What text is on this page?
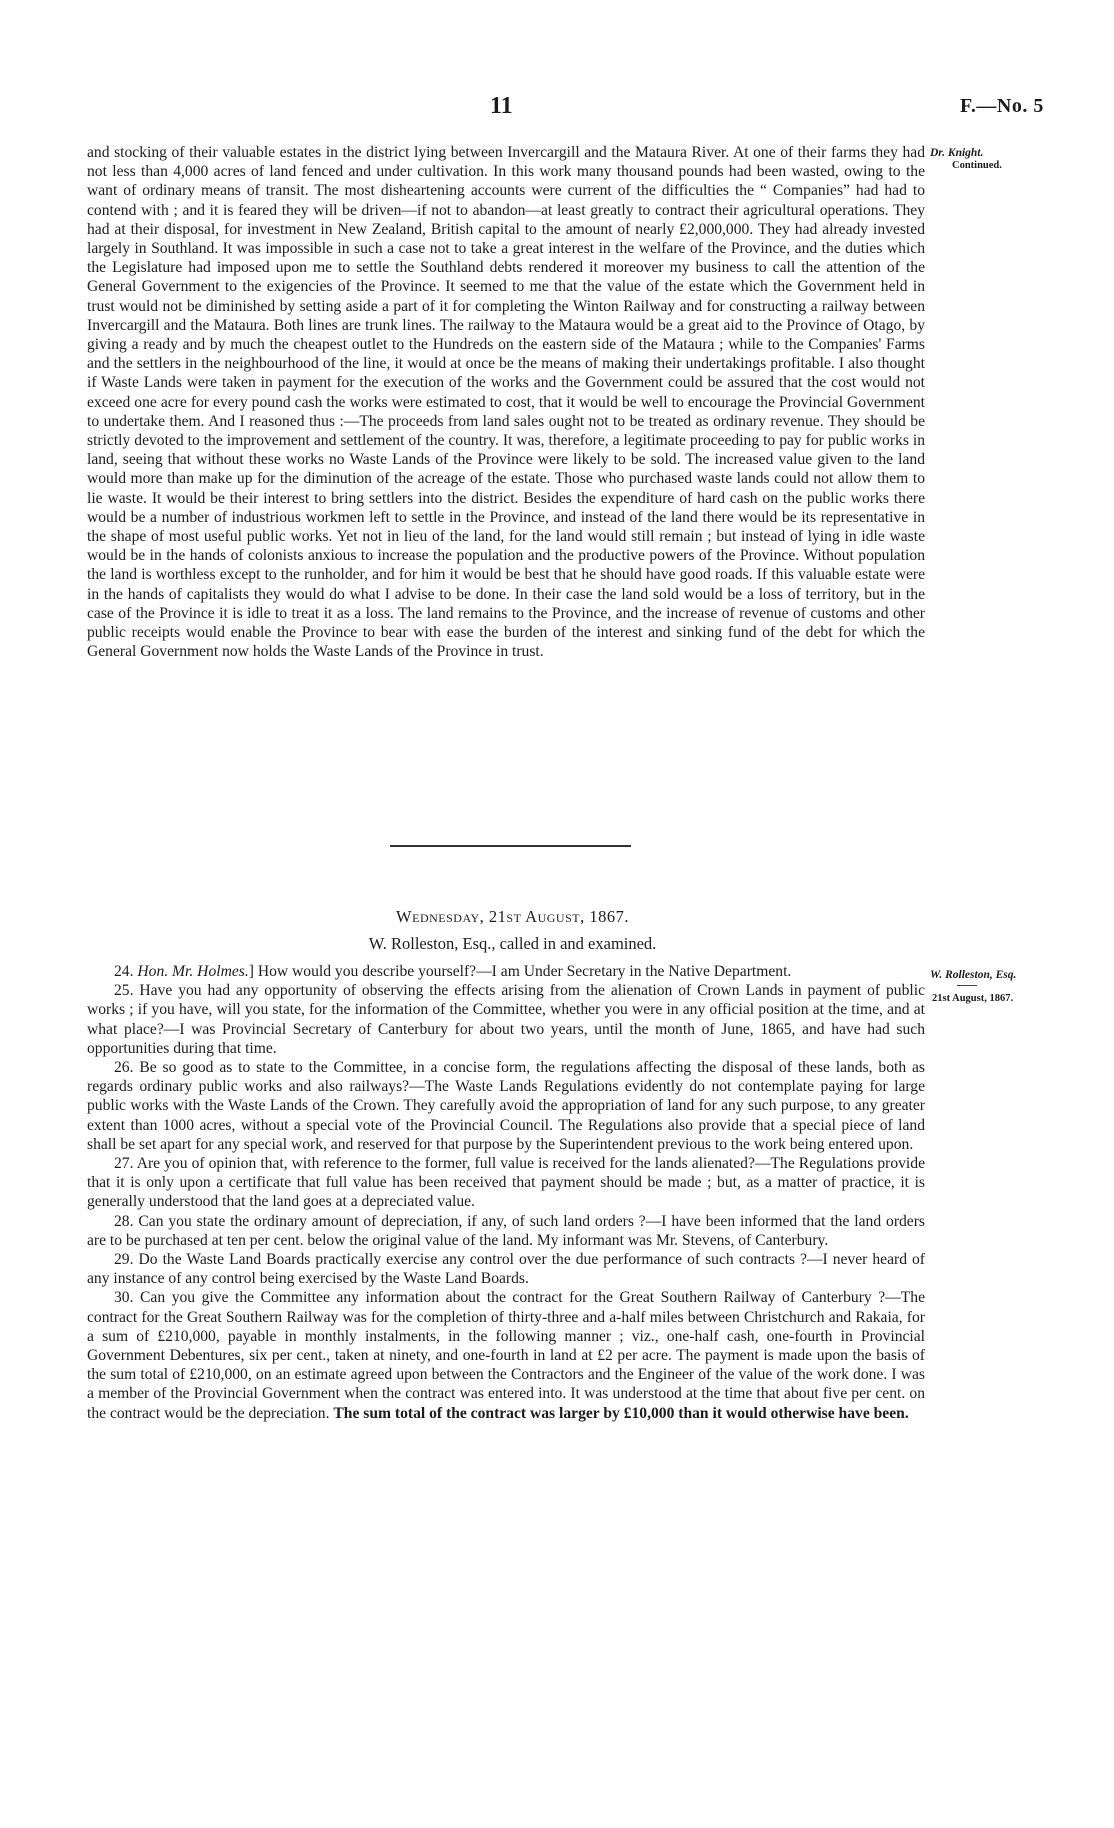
11	F.—No. 5
Dr. Knight.
Continued.
and stocking of their valuable estates in the district lying between Invercargill and the Mataura River. At one of their farms they had not less than 4,000 acres of land fenced and under cultivation. In this work many thousand pounds had been wasted, owing to the want of ordinary means of transit. The most disheartening accounts were current of the difficulties the “ Companies” had had to contend with ; and it is feared they will be driven—if not to abandon—at least greatly to contract their agricultural operations. They had at their disposal, for investment in New Zealand, British capital to the amount of nearly £2,000,000. They had already invested largely in Southland. It was impossible in such a case not to take a great interest in the welfare of the Province, and the duties which the Legislature had imposed upon me to settle the Southland debts rendered it moreover my business to call the attention of the General Government to the exigencies of the Province. It seemed to me that the value of the estate which the Government held in trust would not be diminished by setting aside a part of it for completing the Winton Railway and for constructing a railway between Invercargill and the Mataura. Both lines are trunk lines. The railway to the Mataura would be a great aid to the Province of Otago, by giving a ready and by much the cheapest outlet to the Hundreds on the eastern side of the Mataura ; while to the Companies' Farms and the settlers in the neighbourhood of the line, it would at once be the means of making their undertakings profitable. I also thought if Waste Lands were taken in payment for the execution of the works and the Government could be assured that the cost would not exceed one acre for every pound cash the works were estimated to cost, that it would be well to encourage the Provincial Government to undertake them. And I reasoned thus :—The proceeds from land sales ought not to be treated as ordinary revenue. They should be strictly devoted to the improvement and settlement of the country. It was, therefore, a legitimate proceeding to pay for public works in land, seeing that without these works no Waste Lands of the Province were likely to be sold. The increased value given to the land would more than make up for the diminution of the acreage of the estate. Those who purchased waste lands could not allow them to lie waste. It would be their interest to bring settlers into the district. Besides the expenditure of hard cash on the public works there would be a number of industrious workmen left to settle in the Province, and instead of the land there would be its representative in the shape of most useful public works. Yet not in lieu of the land, for the land would still remain ; but instead of lying in idle waste would be in the hands of colonists anxious to increase the population and the productive powers of the Province. Without population the land is worthless except to the runholder, and for him it would be best that he should have good roads. If this valuable estate were in the hands of capitalists they would do what I advise to be done. In their case the land sold would be a loss of territory, but in the case of the Province it is idle to treat it as a loss. The land remains to the Province, and the increase of revenue of customs and other public receipts would enable the Province to bear with ease the burden of the interest and sinking fund of the debt for which the General Government now holds the Waste Lands of the Province in trust.
Wednesday, 21st August, 1867.
W. Rolleston, Esq., called in and examined.
W. Rolleston, Esq.
21st August, 1867.

24. Hon. Mr. Holmes.] How would you describe yourself?—I am Under Secretary in the Native Department.

25. Have you had any opportunity of observing the effects arising from the alienation of Crown Lands in payment of public works ; if you have, will you state, for the information of the Committee, whether you were in any official position at the time, and at what place?—I was Provincial Secretary of Canterbury for about two years, until the month of June, 1865, and have had such opportunities during that time.

26. Be so good as to state to the Committee, in a concise form, the regulations affecting the disposal of these lands, both as regards ordinary public works and also railways?—The Waste Lands Regulations evidently do not contemplate paying for large public works with the Waste Lands of the Crown. They carefully avoid the appropriation of land for any such purpose, to any greater extent than 1000 acres, without a special vote of the Provincial Council. The Regulations also provide that a special piece of land shall be set apart for any special work, and reserved for that purpose by the Superintendent previous to the work being entered upon.

27. Are you of opinion that, with reference to the former, full value is received for the lands alienated?—The Regulations provide that it is only upon a certificate that full value has been received that payment should be made ; but, as a matter of practice, it is generally understood that the land goes at a depreciated value.

28. Can you state the ordinary amount of depreciation, if any, of such land orders ?—I have been informed that the land orders are to be purchased at ten per cent. below the original value of the land. My informant was Mr. Stevens, of Canterbury.

29. Do the Waste Land Boards practically exercise any control over the due performance of such contracts ?—I never heard of any instance of any control being exercised by the Waste Land Boards.

30. Can you give the Committee any information about the contract for the Great Southern Railway of Canterbury ?—The contract for the Great Southern Railway was for the completion of thirty-three and a-half miles between Christchurch and Rakaia, for a sum of £210,000, payable in monthly instalments, in the following manner ; viz., one-half cash, one-fourth in Provincial Government Debentures, six per cent., taken at ninety, and one-fourth in land at £2 per acre. The payment is made upon the basis of the sum total of £210,000, on an estimate agreed upon between the Contractors and the Engineer of the value of the work done. I was a member of the Provincial Government when the contract was entered into. It was understood at the time that about five per cent. on the contract would be the depreciation. The sum total of the contract was larger by £10,000 than it would otherwise have been.
